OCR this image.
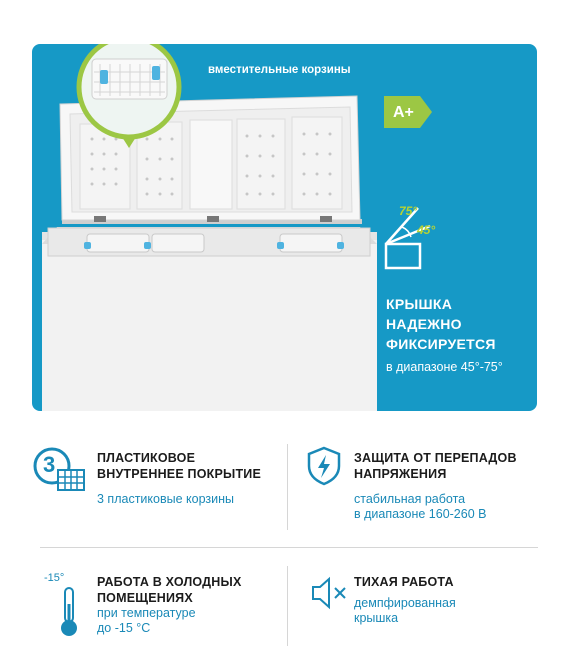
вместительные корзины
A+
75°
45°
КРЫШКА
НАДЕЖНО
ФИКСИРУЕТСЯ
в диапазоне 45°-75°
3	ПЛАСТИКОВОЕ
ВНУТРЕННЕЕ ПОКРЫТИЕ
3 пластиковые корзины
ЗАЩИТА ОТ ПЕРЕПАДОВ
НАПРЯЖЕНИЯ
стабильная работа
в диапазоне 160-260 В
-15°	РАБОТА В ХОЛОДНЫХ
ПОМЕЩЕНИЯХ
при температуре
до -15 °С
ТИХАЯ РАБОТА
демпфированная
крышка
